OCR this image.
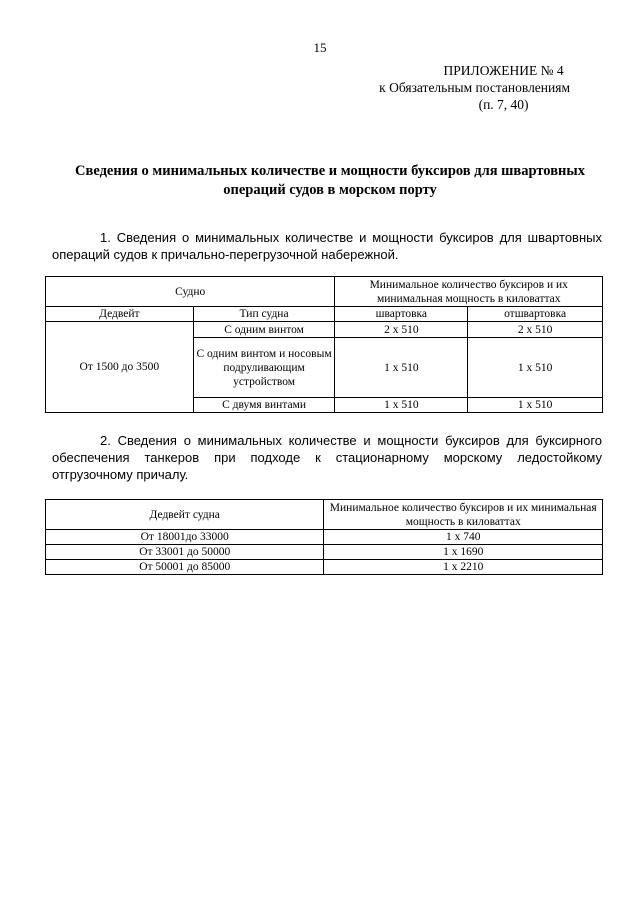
15
ПРИЛОЖЕНИЕ № 4
к Обязательным постановлениям
(п. 7, 40)
Сведения о минимальных количестве и мощности буксиров для швартовных
операций судов в морском порту
1. Сведения о минимальных количестве и мощности буксиров для швартовных операций судов к причально-перегрузочной набережной.
Судно		Минимальное количество буксиров и их минимальная мощность в киловаттах	
Дедвейт	Тип судна	швартовка	отшвартовка
От 1500 до 3500	С одним винтом	2 х 510	2 х 510
	С одним винтом и носовым подруливающим устройством	1 х 510	1 х 510
	С двумя винтами	1 х 510	1 х 510
2. Сведения о минимальных количестве и мощности буксиров для буксирного обеспечения танкеров при подходе к стационарному морскому ледостойкому отгрузочному причалу.
Дедвейт судна	Минимальное количество буксиров и их минимальная мощность в киловаттах
От 18001до 33000	1 х 740
От 33001 до 50000	1 х 1690
От 50001 до 85000	1 х 2210
